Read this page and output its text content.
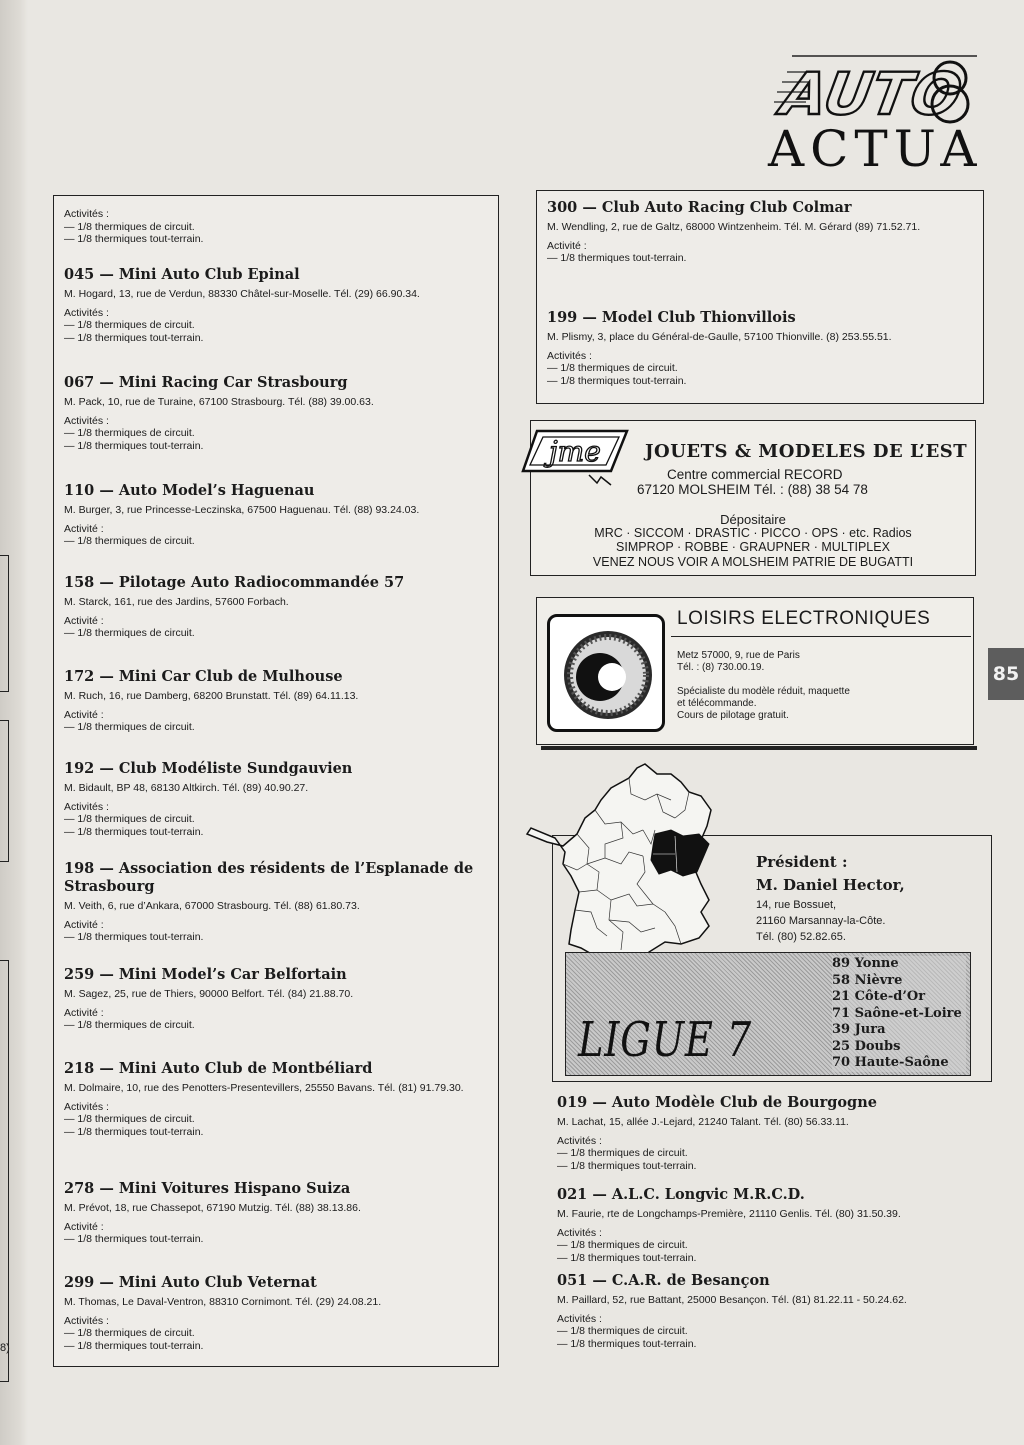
8)
AUTO
AUTO8
ACTUA
85
Activités :
— 1/8 thermiques de circuit.
— 1/8 thermiques tout-terrain.
045 — Mini Auto Club Epinal
M. Hogard, 13, rue de Verdun, 88330 Châtel-sur-Moselle. Tél. (29) 66.90.34.
Activités :
— 1/8 thermiques de circuit.
— 1/8 thermiques tout-terrain.
067 — Mini Racing Car Strasbourg
M. Pack, 10, rue de Turaine, 67100 Strasbourg. Tél. (88) 39.00.63.
Activités :
— 1/8 thermiques de circuit.
— 1/8 thermiques tout-terrain.
110 — Auto Model’s Haguenau
M. Burger, 3, rue Princesse-Leczinska, 67500 Haguenau. Tél. (88) 93.24.03.
Activité :
— 1/8 thermiques de circuit.
158 — Pilotage Auto Radiocommandée 57
M. Starck, 161, rue des Jardins, 57600 Forbach.
Activité :
— 1/8 thermiques de circuit.
172 — Mini Car Club de Mulhouse
M. Ruch, 16, rue Damberg, 68200 Brunstatt. Tél. (89) 64.11.13.
Activité :
— 1/8 thermiques de circuit.
192 — Club Modéliste Sundgauvien
M. Bidault, BP 48, 68130 Altkirch. Tél. (89) 40.90.27.
Activités :
— 1/8 thermiques de circuit.
— 1/8 thermiques tout-terrain.
198 — Association des résidents de l’Esplanade de Strasbourg
M. Veith, 6, rue d’Ankara, 67000 Strasbourg. Tél. (88) 61.80.73.
Activité :
— 1/8 thermiques tout-terrain.
259 — Mini Model’s Car Belfortain
M. Sagez, 25, rue de Thiers, 90000 Belfort. Tél. (84) 21.88.70.
Activité :
— 1/8 thermiques de circuit.
218 — Mini Auto Club de Montbéliard
M. Dolmaire, 10, rue des Penotters-Presentevillers, 25550 Bavans. Tél. (81) 91.79.30.
Activités :
— 1/8 thermiques de circuit.
— 1/8 thermiques tout-terrain.
278 — Mini Voitures Hispano Suiza
M. Prévot, 18, rue Chassepot, 67190 Mutzig. Tél. (88) 38.13.86.
Activité :
— 1/8 thermiques tout-terrain.
299 — Mini Auto Club Veternat
M. Thomas, Le Daval-Ventron, 88310 Cornimont. Tél. (29) 24.08.21.
Activités :
— 1/8 thermiques de circuit.
— 1/8 thermiques tout-terrain.
300 — Club Auto Racing Club Colmar
M. Wendling, 2, rue de Galtz, 68000 Wintzenheim. Tél. M. Gérard (89) 71.52.71.
Activité :
— 1/8 thermiques tout-terrain.
199 — Model Club Thionvillois
M. Plismy, 3, place du Général-de-Gaulle, 57100 Thionville. (8) 253.55.51.
Activités :
— 1/8 thermiques de circuit.
— 1/8 thermiques tout-terrain.
jme JOUETS & MODELES DE L’EST
Centre commercial RECORD
67120 MOLSHEIM Tél. : (88) 38 54 78
Dépositaire
MRC · SICCOM · DRASTIC · PICCO · OPS · etc. Radios
SIMPROP · ROBBE · GRAUPNER · MULTIPLEX
VENEZ NOUS VOIR A MOLSHEIM PATRIE DE BUGATTI
LOISIRS ELECTRONIQUES
Metz 57000, 9, rue de Paris
Tél. : (8) 730.00.19.
Spécialiste du modèle réduit, maquette
et télécommande.
Cours de pilotage gratuit.
Président :
M. Daniel Hector,
14, rue Bossuet,
21160 Marsannay-la-Côte.
Tél. (80) 52.82.65.
LIGUE 7
89 Yonne
58 Nièvre
21 Côte-d’Or
71 Saône-et-Loire
39 Jura
25 Doubs
70 Haute-Saône
019 — Auto Modèle Club de Bourgogne
M. Lachat, 15, allée J.-Lejard, 21240 Talant. Tél. (80) 56.33.11.
Activités :
— 1/8 thermiques de circuit.
— 1/8 thermiques tout-terrain.
021 — A.L.C. Longvic M.R.C.D.
M. Faurie, rte de Longchamps-Première, 21110 Genlis. Tél. (80) 31.50.39.
Activités :
— 1/8 thermiques de circuit.
— 1/8 thermiques tout-terrain.
051 — C.A.R. de Besançon
M. Paillard, 52, rue Battant, 25000 Besançon. Tél. (81) 81.22.11 - 50.24.62.
Activités :
— 1/8 thermiques de circuit.
— 1/8 thermiques tout-terrain.
